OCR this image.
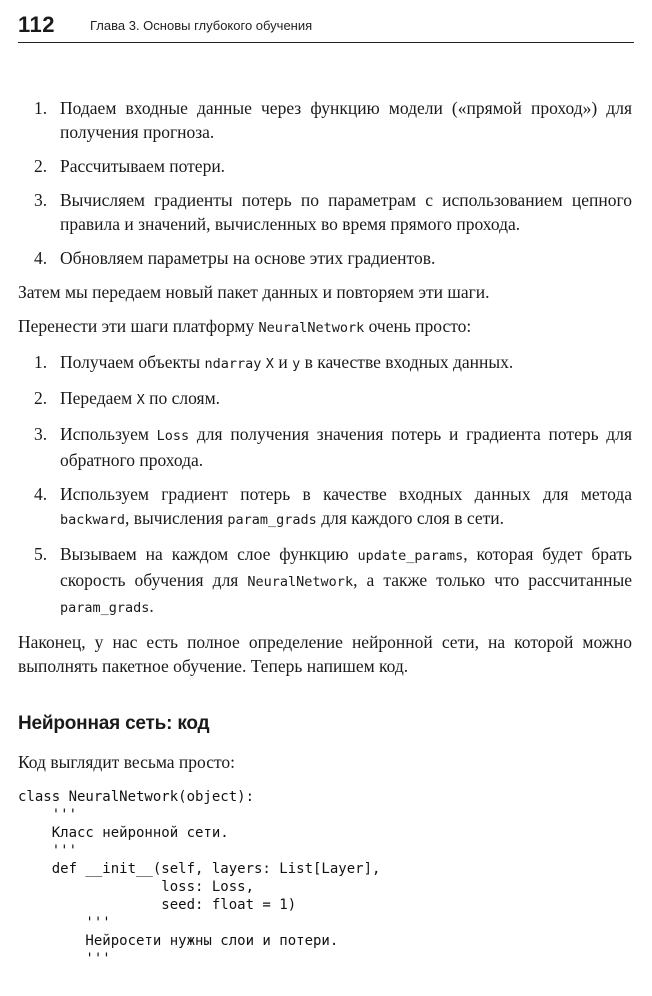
112	Глава 3. Основы глубокого обучения
1. Подаем входные данные через функцию модели («прямой проход») для получения прогноза.
2. Рассчитываем потери.
3. Вычисляем градиенты потерь по параметрам с использованием цепного правила и значений, вычисленных во время прямого прохода.
4. Обновляем параметры на основе этих градиентов.

Затем мы передаем новый пакет данных и повторяем эти шаги.

Перенести эти шаги платформу NeuralNetwork очень просто:

1. Получаем объекты ndarray X и y в качестве входных данных.
2. Передаем X по слоям.
3. Используем Loss для получения значения потерь и градиента потерь для обратного прохода.
4. Используем градиент потерь в качестве входных данных для метода backward, вычисления param_grads для каждого слоя в сети.
5. Вызываем на каждом слое функцию update_params, которая будет брать скорость обучения для NeuralNetwork, а также только что рассчитанные param_grads.

Наконец, у нас есть полное определение нейронной сети, на которой можно выполнять пакетное обучение. Теперь напишем код.

Нейронная сеть: код

Код выглядит весьма просто:

class NeuralNetwork(object):
'''
Класс нейронной сети.
'''
def __init__(self, layers: List[Layer],
loss: Loss,
seed: float = 1)
'''
Нейросети нужны слои и потери.
'''
